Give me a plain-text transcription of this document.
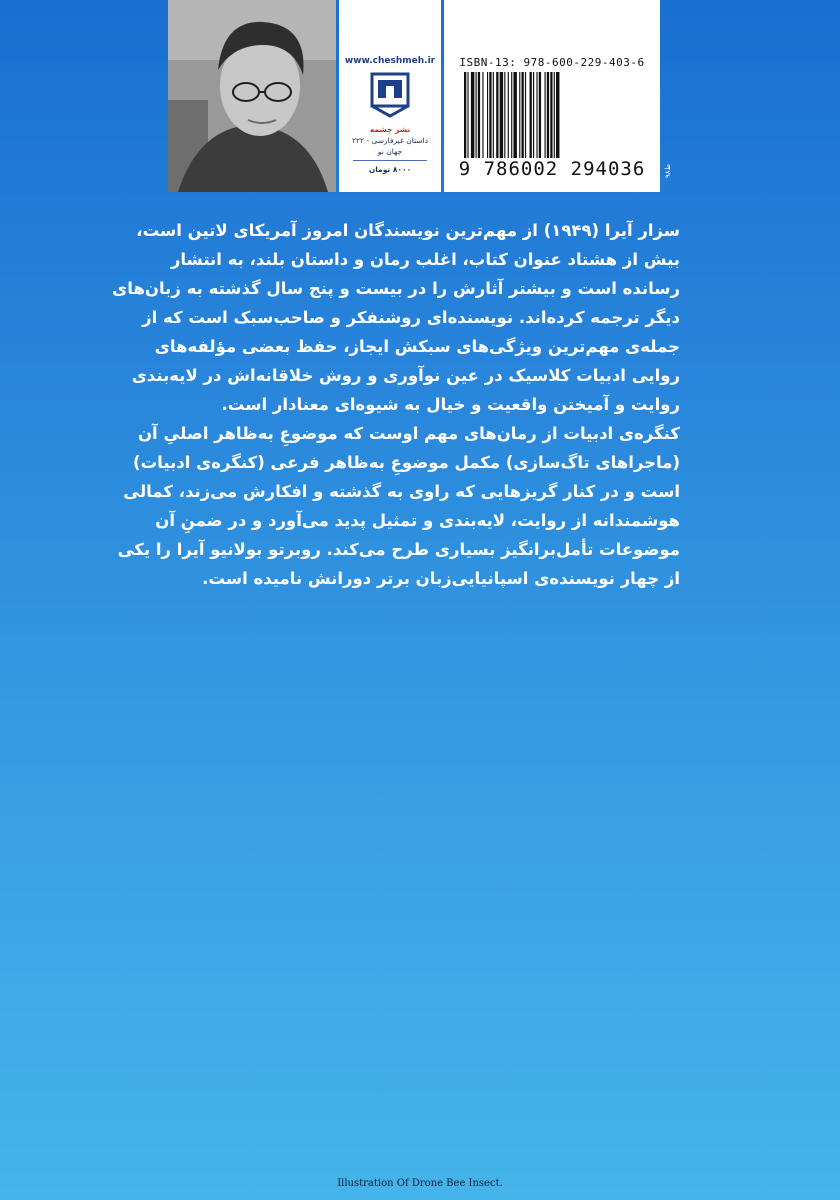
www.cheshmeh.ir
نشر چشمه
داستان غیرفارسی - ۲۲۲
جهان نو
۸۰۰۰ تومان
ISBN-13: 978-600-229-403-6
9 786002 294036	ط۹۸
سزار آیرا (۱۹۴۹) از مهم‌ترین نویسندگان امروز آمریکای لاتین است،
بیش از هشتاد عنوان کتاب، اغلب رمان و داستان بلند، به انتشار
رسانده است و بیشتر آثارش را در بیست و پنج سال گذشته به زبان‌های
دیگر ترجمه کرده‌اند. نویسنده‌ای روشنفکر و صاحب‌سبک است که از
جمله‌ی مهم‌ترین ویژگی‌های سبکش ایجاز، حفظ بعضی مؤلفه‌های
روایی ادبیات کلاسیک در عین نوآوری و روش خلاقانه‌اش در لایه‌بندی
روایت و آمیختن واقعیت و خیال به شیوه‌ای معنادار است.
کنگره‌ی ادبیات از رمان‌های مهم اوست که موضوعِ به‌ظاهر اصلیِ آن
(ماجراهای تاگ‌سازی) مکمل موضوعِ به‌ظاهر فرعی (کنگره‌ی ادبیات)
است و در کنار گریزهایی که راوی به گذشته و افکارش می‌زند، کمالی
هوشمندانه از روایت، لایه‌بندی و تمثیل پدید می‌آورد و در ضمنِ آن
موضوعات تأمل‌برانگیز بسیاری طرح می‌کند. روبرتو بولانیو آیرا را یکی
از چهار نویسنده‌ی اسپانیایی‌زبان برتر دورانش نامیده است.
Illustration Of Drone Bee Insect.
